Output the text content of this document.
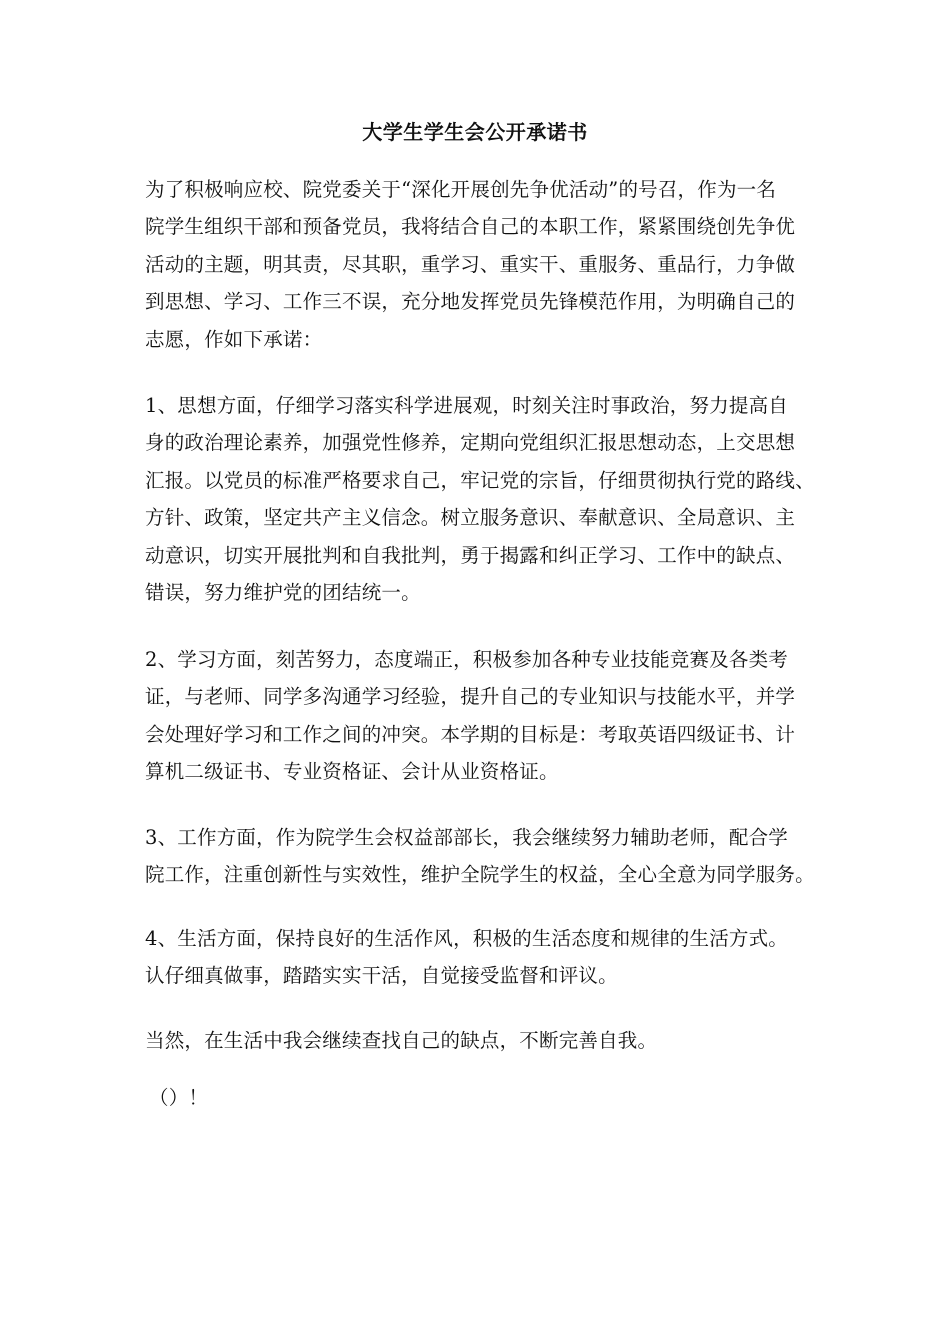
大学生学生会公开承诺书
为了积极响应校、院党委关于“深化开展创先争优活动”的号召，作为一名
院学生组织干部和预备党员，我将结合自己的本职工作，紧紧围绕创先争优
活动的主题，明其责，尽其职，重学习、重实干、重服务、重品行，力争做
到思想、学习、工作三不误，充分地发挥党员先锋模范作用，为明确自己的
志愿，作如下承诺：
1、思想方面，仔细学习落实科学进展观，时刻关注时事政治，努力提高自
身的政治理论素养，加强党性修养，定期向党组织汇报思想动态，上交思想
汇报。以党员的标准严格要求自己，牢记党的宗旨，仔细贯彻执行党的路线、
方针、政策，坚定共产主义信念。树立服务意识、奉献意识、全局意识、主
动意识，切实开展批判和自我批判，勇于揭露和纠正学习、工作中的缺点、
错误，努力维护党的团结统一。
2、学习方面，刻苦努力，态度端正，积极参加各种专业技能竞赛及各类考
证，与老师、同学多沟通学习经验，提升自己的专业知识与技能水平，并学
会处理好学习和工作之间的冲突。本学期的目标是：考取英语四级证书、计
算机二级证书、专业资格证、会计从业资格证。
3、工作方面，作为院学生会权益部部长，我会继续努力辅助老师，配合学
院工作，注重创新性与实效性，维护全院学生的权益，全心全意为同学服务。
4、生活方面，保持良好的生活作风，积极的生活态度和规律的生活方式。
认仔细真做事，踏踏实实干活，自觉接受监督和评议。
当然，在生活中我会继续查找自己的缺点，不断完善自我。
（）！
